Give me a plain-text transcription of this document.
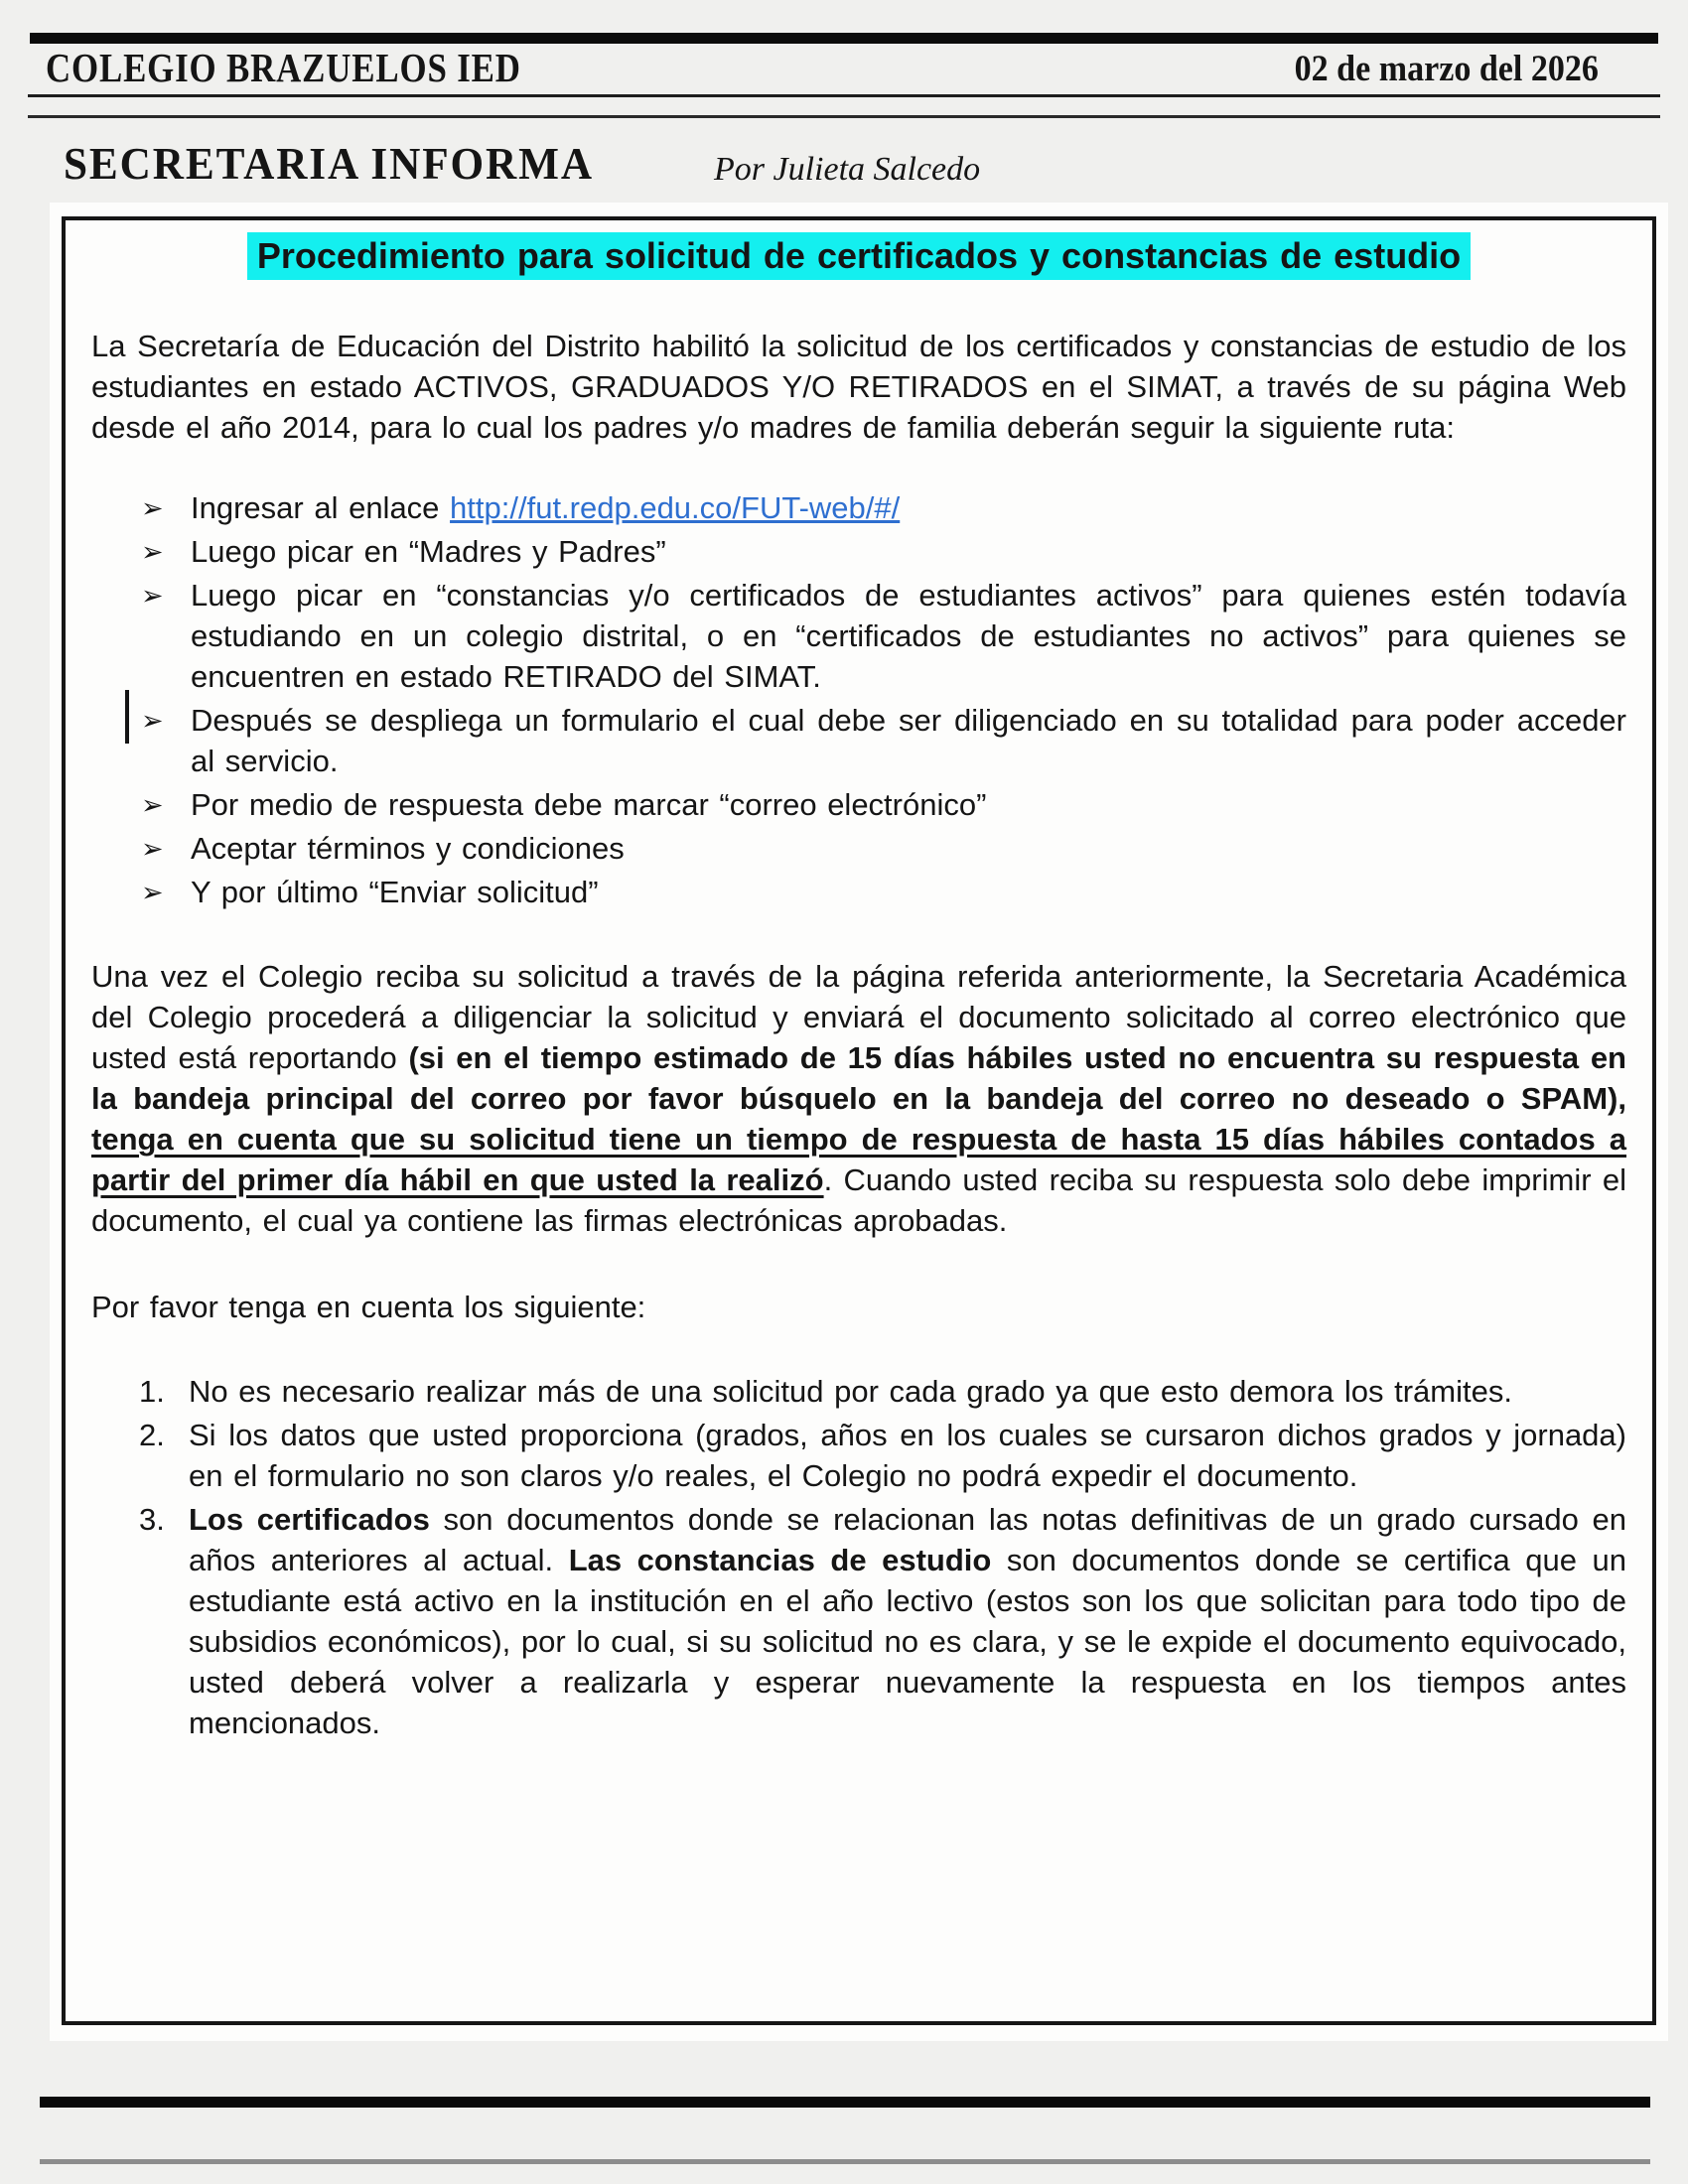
COLEGIO BRAZUELOS IED	02 de marzo del 2026
SECRETARIA INFORMA	Por Julieta Salcedo
Procedimiento para solicitud de certificados y constancias de estudio

La Secretaría de Educación del Distrito habilitó la solicitud de los certificados y constancias de estudio de los estudiantes en estado ACTIVOS, GRADUADOS Y/O RETIRADOS en el SIMAT, a través de su página Web desde el año 2014, para lo cual los padres y/o madres de familia deberán seguir la siguiente ruta:

➢ Ingresar al enlace http://fut.redp.edu.co/FUT-web/#/
➢ Luego picar en “Madres y Padres”
➢ Luego picar en “constancias y/o certificados de estudiantes activos” para quienes estén todavía estudiando en un colegio distrital, o en “certificados de estudiantes no activos” para quienes se encuentren en estado RETIRADO del SIMAT.
➢ Después se despliega un formulario el cual debe ser diligenciado en su totalidad para poder acceder al servicio.
➢ Por medio de respuesta debe marcar “correo electrónico”
➢ Aceptar términos y condiciones
➢ Y por último “Enviar solicitud”

Una vez el Colegio reciba su solicitud a través de la página referida anteriormente, la Secretaria Académica del Colegio procederá a diligenciar la solicitud y enviará el documento solicitado al correo electrónico que usted está reportando (si en el tiempo estimado de 15 días hábiles usted no encuentra su respuesta en la bandeja principal del correo por favor búsquelo en la bandeja del correo no deseado o SPAM), tenga en cuenta que su solicitud tiene un tiempo de respuesta de hasta 15 días hábiles contados a partir del primer día hábil en que usted la realizó. Cuando usted reciba su respuesta solo debe imprimir el documento, el cual ya contiene las firmas electrónicas aprobadas.

Por favor tenga en cuenta los siguiente:

1. No es necesario realizar más de una solicitud por cada grado ya que esto demora los trámites.
2. Si los datos que usted proporciona (grados, años en los cuales se cursaron dichos grados y jornada) en el formulario no son claros y/o reales, el Colegio no podrá expedir el documento.
3. Los certificados son documentos donde se relacionan las notas definitivas de un grado cursado en años anteriores al actual. Las constancias de estudio son documentos donde se certifica que un estudiante está activo en la institución en el año lectivo (estos son los que solicitan para todo tipo de subsidios económicos), por lo cual, si su solicitud no es clara, y se le expide el documento equivocado, usted deberá volver a realizarla y esperar nuevamente la respuesta en los tiempos antes mencionados.
